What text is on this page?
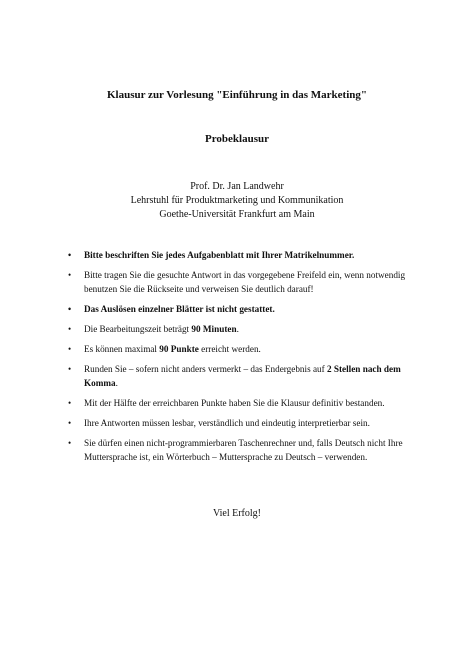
Klausur zur Vorlesung "Einführung in das Marketing"
Probeklausur
Prof. Dr. Jan Landwehr
Lehrstuhl für Produktmarketing und Kommunikation
Goethe-Universität Frankfurt am Main
• Bitte beschriften Sie jedes Aufgabenblatt mit Ihrer Matrikelnummer.
• Bitte tragen Sie die gesuchte Antwort in das vorgegebene Freifeld ein, wenn notwendig benutzen Sie die Rückseite und verweisen Sie deutlich darauf!
• Das Auslösen einzelner Blätter ist nicht gestattet.
• Die Bearbeitungszeit beträgt 90 Minuten.
• Es können maximal 90 Punkte erreicht werden.
• Runden Sie – sofern nicht anders vermerkt – das Endergebnis auf 2 Stellen nach dem Komma.
• Mit der Hälfte der erreichbaren Punkte haben Sie die Klausur definitiv bestanden.
• Ihre Antworten müssen lesbar, verständlich und eindeutig interpretierbar sein.
• Sie dürfen einen nicht-programmierbaren Taschenrechner und, falls Deutsch nicht Ihre Muttersprache ist, ein Wörterbuch – Muttersprache zu Deutsch – verwenden.
Viel Erfolg!
